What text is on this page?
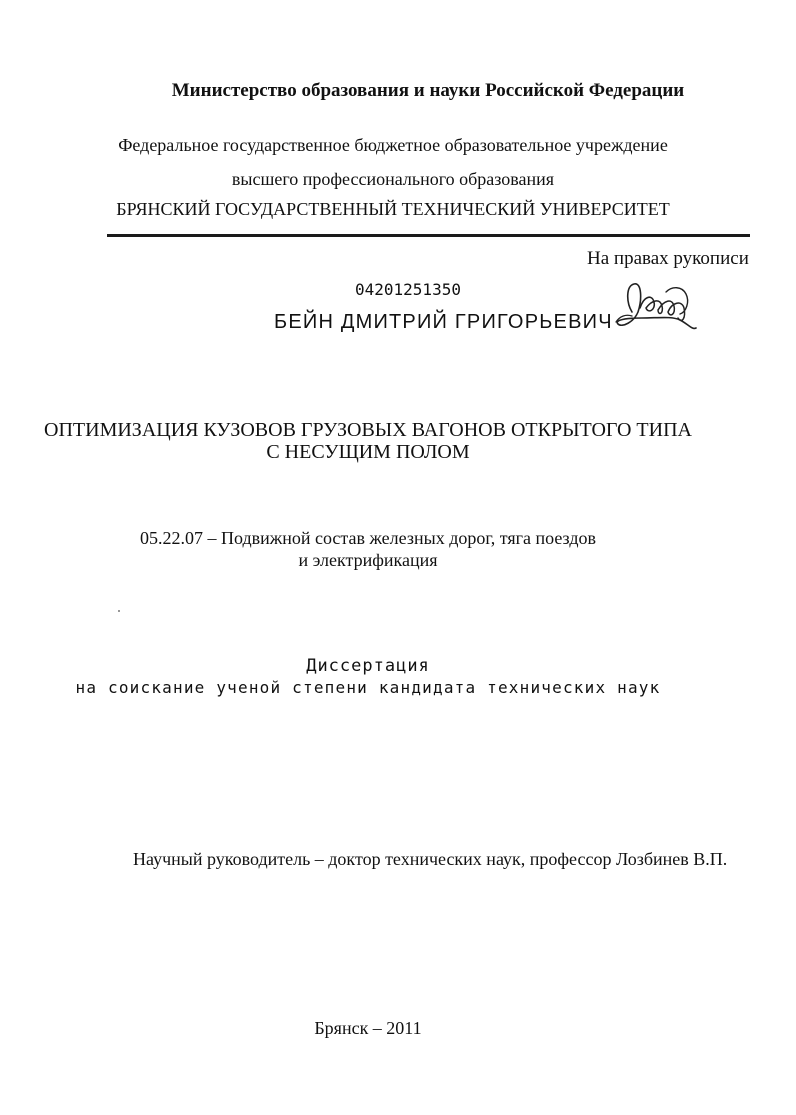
Министерство образования и науки Российской Федерации
Федеральное государственное бюджетное образовательное учреждение
высшего профессионального образования
БРЯНСКИЙ ГОСУДАРСТВЕННЫЙ ТЕХНИЧЕСКИЙ УНИВЕРСИТЕТ
На правах рукописи
04201251350
БЕЙН ДМИТРИЙ ГРИГОРЬЕВИЧ
ОПТИМИЗАЦИЯ КУЗОВОВ ГРУЗОВЫХ ВАГОНОВ ОТКРЫТОГО ТИПА
С НЕСУЩИМ ПОЛОМ
05.22.07 – Подвижной состав железных дорог, тяга поездов
и электрификация
Диссертация
на соискание ученой степени кандидата технических наук
Научный руководитель – доктор технических наук, профессор Лозбинев В.П.
Брянск – 2011
